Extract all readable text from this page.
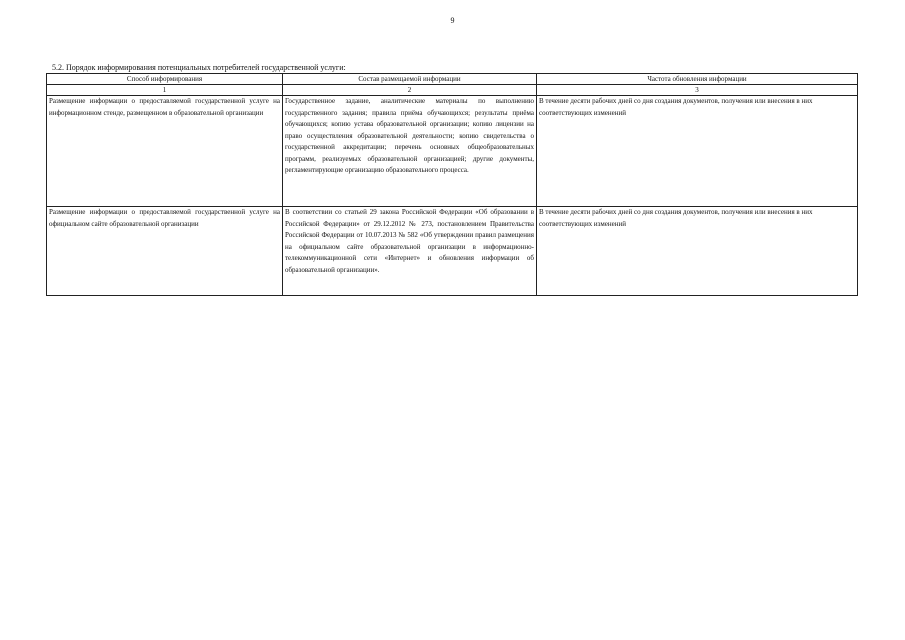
9
5.2. Порядок информирования потенциальных потребителей государственной услуги:
Способ информирования	Состав размещаемой информации	Частота обновления информации
1	2	3
Размещение информации о предоставляемой государственной услуге на информационном стенде, размещенном в образовательной организации	Государственное задание, аналитические материалы по выполнению государственного задания; правила приёма обучающихся; результаты приёма обучающихся; копию устава образовательной организации; копию лицензии на право осуществления образовательной деятельности; копию свидетельства о государственной аккредитации; перечень основных общеобразовательных программ, реализуемых образовательной организацией; другие документы, регламентирующие организацию образовательного процесса.	В течение десяти рабочих дней со дня создания документов, получения или внесения в них соответствующих изменений
Размещение информации о предоставляемой государственной услуге на официальном сайте образовательной организации	В соответствии со статьей 29 закона Российской Федерации «Об образовании в Российской Федерации» от 29.12.2012 № 273, постановлением Правительства Российской Федерации от 10.07.2013 № 582 «Об утверждении правил размещения на официальном сайте образовательной организации в информационно-телекоммуникационной сети «Интернет» и обновления информации об образовательной организации».	В течение десяти рабочих дней со дня создания документов, получения или внесения в них соответствующих изменений
